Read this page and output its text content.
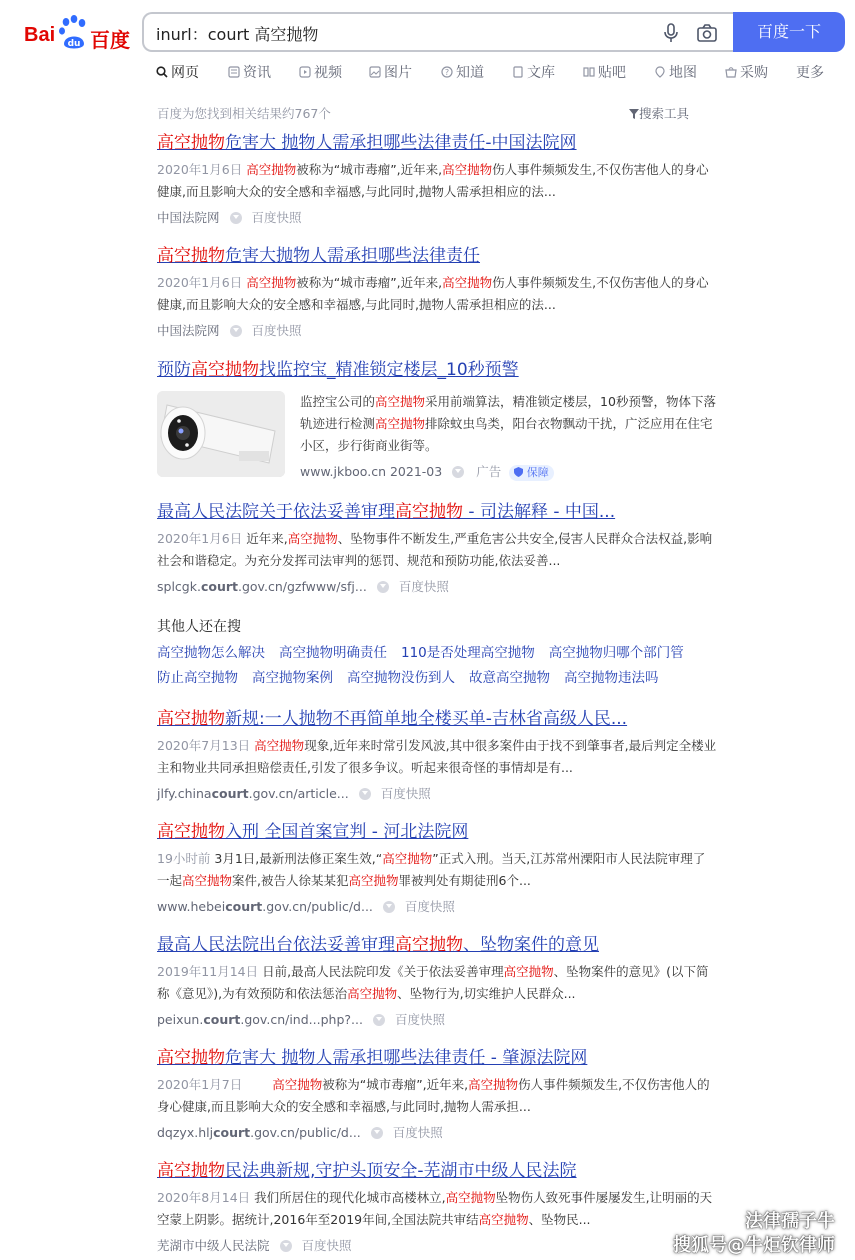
Bai du 百度
inurl：court 高空抛物	百度一下
网页	资讯	视频	图片	? 知道	文库	贴吧	地图	采购 更多
百度为您找到相关结果约767个	搜索工具
高空抛物危害大 抛物人需承担哪些法律责任-中国法院网
2020年1月6日 高空抛物被称为“城市毒瘤”,近年来,高空抛物伤人事件频频发生,不仅伤害他人的身心健康,而且影响大众的安全感和幸福感,与此同时,抛物人需承担相应的法...
中国法院网	百度快照
高空抛物危害大抛物人需承担哪些法律责任
2020年1月6日 高空抛物被称为“城市毒瘤”,近年来,高空抛物伤人事件频频发生,不仅伤害他人的身心健康,而且影响大众的安全感和幸福感,与此同时,抛物人需承担相应的法...
中国法院网	百度快照
预防高空抛物找监控宝_精准锁定楼层_10秒预警
监控宝公司的高空抛物采用前端算法，精准锁定楼层，10秒预警，物体下落轨迹进行检测高空抛物排除蚊虫鸟类，阳台衣物飘动干扰，广泛应用在住宅小区，步行街商业街等。
www.jkboo.cn 2021-03	广告 保障
最高人民法院关于依法妥善审理高空抛物 - 司法解释 - 中国...
2020年1月6日 近年来,高空抛物、坠物事件不断发生,严重危害公共安全,侵害人民群众合法权益,影响社会和谐稳定。为充分发挥司法审判的惩罚、规范和预防功能,依法妥善...
splcgk.court.gov.cn/gzfwww/sfj...	百度快照
其他人还在搜
高空抛物怎么解决 高空抛物明确责任 110是否处理高空抛物 高空抛物归哪个部门管
防止高空抛物 高空抛物案例 高空抛物没伤到人 故意高空抛物 高空抛物违法吗
高空抛物新规:一人抛物不再简单地全楼买单-吉林省高级人民...
2020年7月13日 高空抛物现象,近年来时常引发风波,其中很多案件由于找不到肇事者,最后判定全楼业主和物业共同承担赔偿责任,引发了很多争议。听起来很奇怪的事情却是有...
jlfy.chinacourt.gov.cn/article...	百度快照
高空抛物入刑 全国首案宣判 - 河北法院网
19小时前 3月1日,最新刑法修正案生效,“高空抛物”正式入刑。当天,江苏常州溧阳市人民法院审理了一起高空抛物案件,被告人徐某某犯高空抛物罪被判处有期徒刑6个...
www.hebeicourt.gov.cn/public/d...	百度快照
最高人民法院出台依法妥善审理高空抛物、坠物案件的意见
2019年11月14日 日前,最高人民法院印发《关于依法妥善审理高空抛物、坠物案件的意见》(以下简称《意见》),为有效预防和依法惩治高空抛物、坠物行为,切实维护人民群众...
peixun.court.gov.cn/ind...php?...	百度快照
高空抛物危害大 抛物人需承担哪些法律责任 - 肇源法院网
2020年1月7日 高空抛物被称为“城市毒瘤”,近年来,高空抛物伤人事件频频发生,不仅伤害他人的身心健康,而且影响大众的安全感和幸福感,与此同时,抛物人需承担...
dqzyx.hljcourt.gov.cn/public/d...	百度快照
高空抛物民法典新规,守护头顶安全-芜湖市中级人民法院
2020年8月14日 我们所居住的现代化城市高楼林立,高空抛物坠物伤人致死事件屡屡发生,让明丽的天空蒙上阴影。据统计,2016年至2019年间,全国法院共审结高空抛物、坠物民...
芜湖市中级人民法院	百度快照
法律孺子牛
搜狐号@牛炬钦律师
